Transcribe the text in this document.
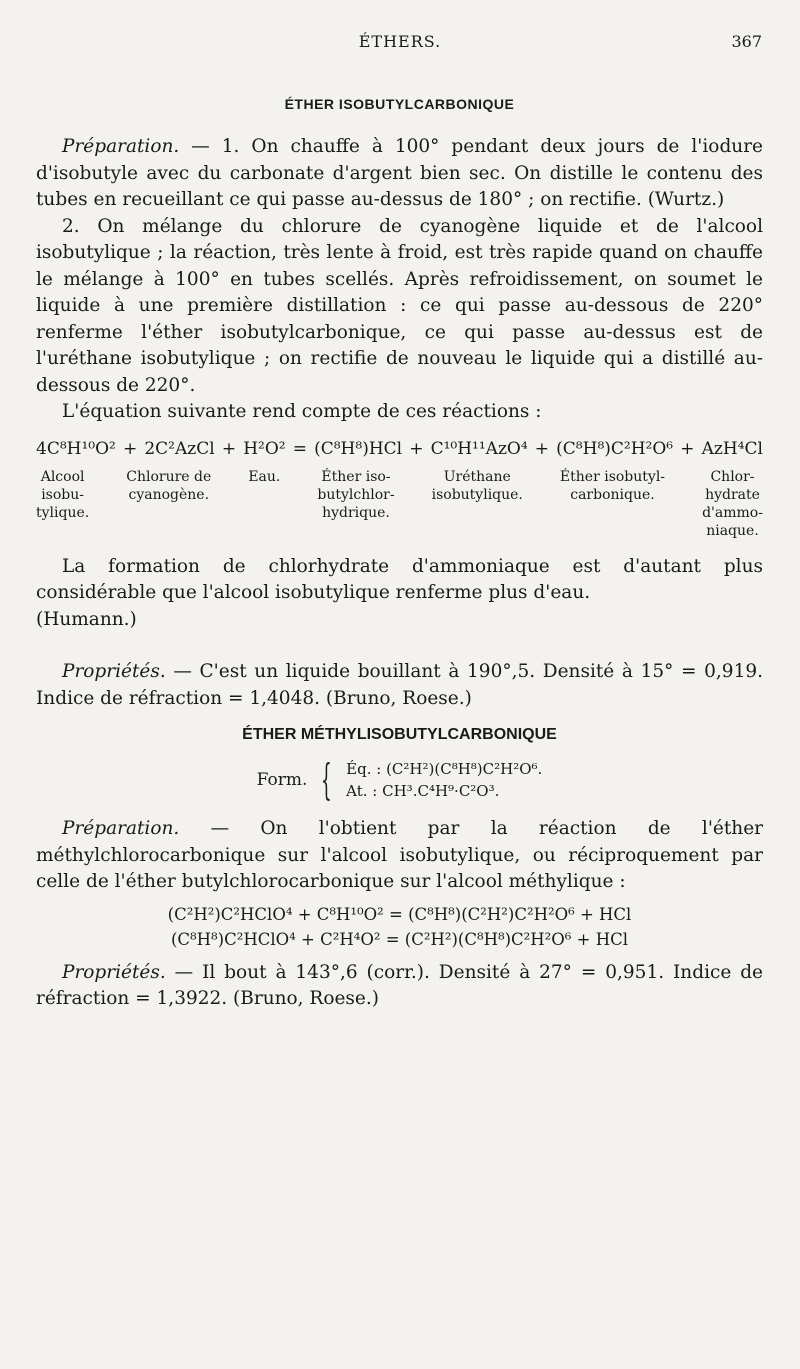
ÉTHERS.	367
ÉTHER ISOBUTYLCARBONIQUE

Préparation. — 1. On chauffe à 100° pendant deux jours de l'iodure d'isobutyle avec du carbonate d'argent bien sec. On distille le contenu des tubes en recueillant ce qui passe au-dessus de 180° ; on rectifie. (Wurtz.)

2. On mélange du chlorure de cyanogène liquide et de l'alcool isobutylique ; la réaction, très lente à froid, est très rapide quand on chauffe le mélange à 100° en tubes scellés. Après refroidissement, on soumet le liquide à une première distillation : ce qui passe au-dessous de 220° renferme l'éther isobutylcarbonique, ce qui passe au-dessus est de l'uréthane isobutylique ; on rectifie de nouveau le liquide qui a distillé au-dessous de 220°.

L'équation suivante rend compte de ces réactions :

4C⁸H¹⁰O² + 2C²AzCl + H²O² = (C⁸H⁸)HCl + C¹⁰H¹¹AzO⁴ + (C⁸H⁸)C²H²O⁶ + AzH⁴Cl
Alcool
isobu-
tylique.
Chlorure de
cyanogène.
Eau.	Éther iso-
butylchlor-
hydrique.
Uréthane
isobutylique.
Éther isobutyl-
carbonique.
Chlor-
hydrate
d'ammo-
niaque.

La formation de chlorhydrate d'ammoniaque est d'autant plus considérable que l'alcool isobutylique renferme plus d'eau.

(Humann.)

Propriétés. — C'est un liquide bouillant à 190°,5. Densité à 15° = 0,919. Indice de réfraction = 1,4048. (Bruno, Roese.)

ÉTHER MÉTHYLISOBUTYLCARBONIQUE
Form. { Éq. : (C²H²)(C⁸H⁸)C²H²O⁶.
At. : CH³.C⁴H⁹·C²O³.

Préparation. — On l'obtient par la réaction de l'éther méthylchlorocarbonique sur l'alcool isobutylique, ou réciproquement par celle de l'éther butylchlorocarbonique sur l'alcool méthylique :

(C²H²)C²HClO⁴ + C⁸H¹⁰O² = (C⁸H⁸)(C²H²)C²H²O⁶ + HCl
(C⁸H⁸)C²HClO⁴ + C²H⁴O² = (C²H²)(C⁸H⁸)C²H²O⁶ + HCl

Propriétés. — Il bout à 143°,6 (corr.). Densité à 27° = 0,951. Indice de réfraction = 1,3922. (Bruno, Roese.)
